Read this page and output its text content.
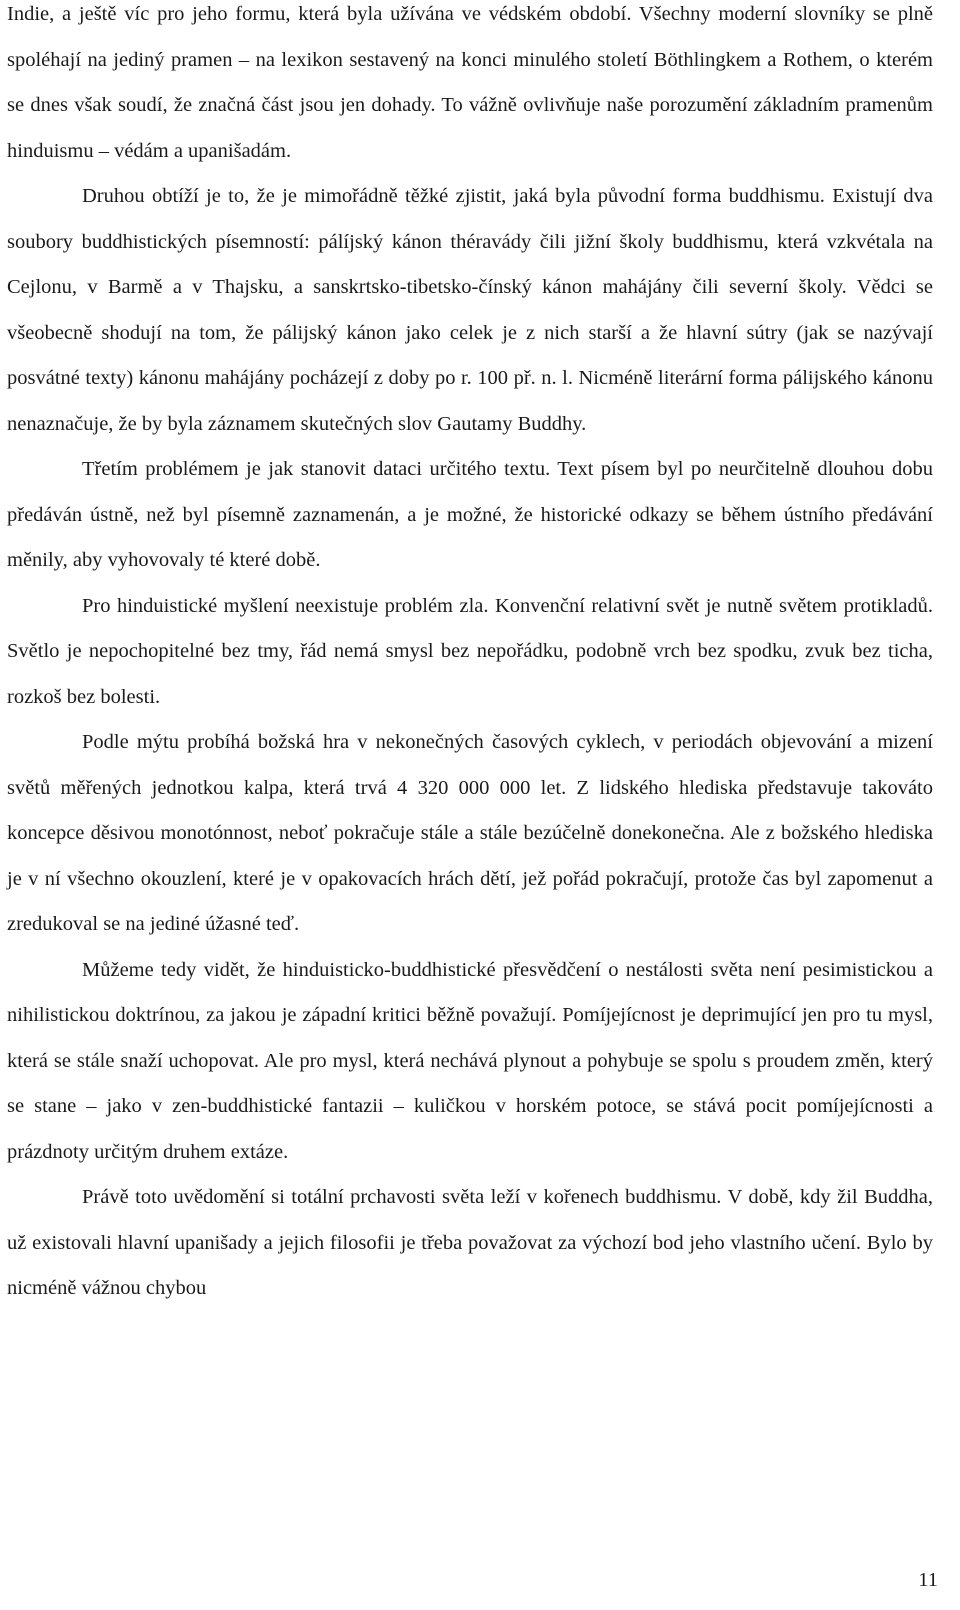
Indie, a ještě víc pro jeho formu, která byla užívána ve védském období. Všechny moderní slovníky se plně spoléhají na jediný pramen – na lexikon sestavený na konci minulého století Böthlingkem a Rothem, o kterém se dnes však soudí, že značná část jsou jen dohady. To vážně ovlivňuje naše porozumění základním pramenům hinduismu – védám a upanišadám.

Druhou obtíží je to, že je mimořádně těžké zjistit, jaká byla původní forma buddhismu. Existují dva soubory buddhistických písemností: pálíjský kánon théravády čili jižní školy buddhismu, která vzkvétala na Cejlonu, v Barmě a v Thajsku, a sanskrtsko-tibetsko-čínský kánon mahájány čili severní školy. Vědci se všeobecně shodují na tom, že pálijský kánon jako celek je z nich starší a že hlavní sútry (jak se nazývají posvátné texty) kánonu mahájány pocházejí z doby po r. 100 př. n. l. Nicméně literární forma pálijského kánonu nenaznačuje, že by byla záznamem skutečných slov Gautamy Buddhy.

Třetím problémem je jak stanovit dataci určitého textu. Text písem byl po neurčitelně dlouhou dobu předáván ústně, než byl písemně zaznamenán, a je možné, že historické odkazy se během ústního předávání měnily, aby vyhovovaly té které době.

Pro hinduistické myšlení neexistuje problém zla. Konvenční relativní svět je nutně světem protikladů. Světlo je nepochopitelné bez tmy, řád nemá smysl bez nepořádku, podobně vrch bez spodku, zvuk bez ticha, rozkoš bez bolesti.

Podle mýtu probíhá božská hra v nekonečných časových cyklech, v periodách objevování a mizení světů měřených jednotkou kalpa, která trvá 4 320 000 000 let. Z lidského hlediska představuje takováto koncepce děsivou monotónnost, neboť pokračuje stále a stále bezúčelně donekonečna. Ale z božského hlediska je v ní všechno okouzlení, které je v opakovacích hrách dětí, jež pořád pokračují, protože čas byl zapomenut a zredukoval se na jediné úžasné teď.

Můžeme tedy vidět, že hinduisticko-buddhistické přesvědčení o nestálosti světa není pesimistickou a nihilistickou doktrínou, za jakou je západní kritici běžně považují. Pomíjejícnost je deprimující jen pro tu mysl, která se stále snaží uchopovat. Ale pro mysl, která nechává plynout a pohybuje se spolu s proudem změn, který se stane – jako v zen-buddhistické fantazii – kuličkou v horském potoce, se stává pocit pomíjejícnosti a prázdnoty určitým druhem extáze.

Právě toto uvědomění si totální prchavosti světa leží v kořenech buddhismu. V době, kdy žil Buddha, už existovali hlavní upanišady a jejich filosofii je třeba považovat za výchozí bod jeho vlastního učení. Bylo by nicméně vážnou chybou

11
